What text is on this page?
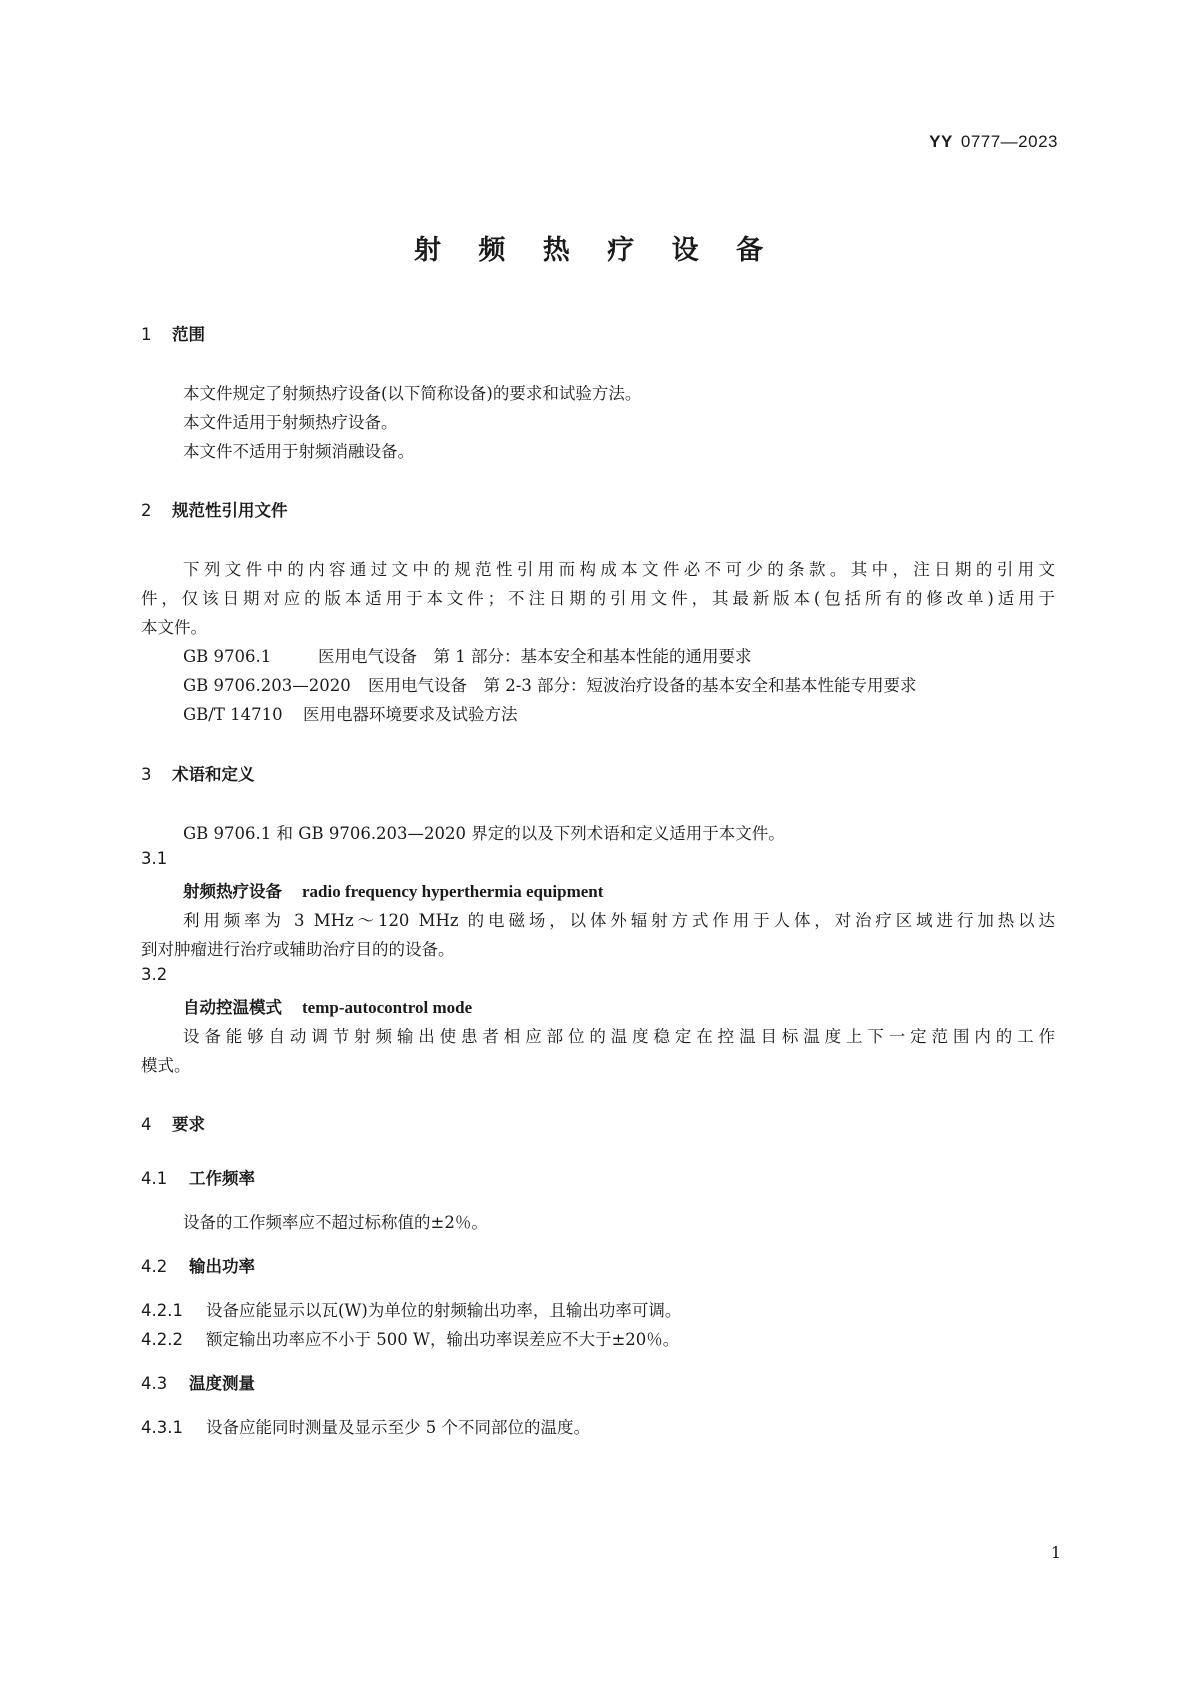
YY 0777—2023
射 频 热 疗 设 备
1 范围
本文件规定了射频热疗设备(以下简称设备)的要求和试验方法。
本文件适用于射频热疗设备。
本文件不适用于射频消融设备。
2 规范性引用文件
下列文件中的内容通过文中的规范性引用而构成本文件必不可少的条款。其中，注日期的引用文
件，仅该日期对应的版本适用于本文件；不注日期的引用文件，其最新版本(包括所有的修改单)适用于
本文件。
GB 9706.1	医用电气设备　第 1 部分：基本安全和基本性能的通用要求
GB 9706.203—2020 医用电气设备　第 2-3 部分：短波治疗设备的基本安全和基本性能专用要求
GB/T 14710 医用电器环境要求及试验方法
3 术语和定义
GB 9706.1 和 GB 9706.203—2020 界定的以及下列术语和定义适用于本文件。
3.1
射频热疗设备 radio frequency hyperthermia equipment
利用频率为 3 MHz～120 MHz 的电磁场，以体外辐射方式作用于人体，对治疗区域进行加热以达
到对肿瘤进行治疗或辅助治疗目的的设备。
3.2
自动控温模式 temp-autocontrol mode
设备能够自动调节射频输出使患者相应部位的温度稳定在控温目标温度上下一定范围内的工作
模式。
4 要求
4.1 工作频率
设备的工作频率应不超过标称值的±2％。
4.2 输出功率
4.2.1 设备应能显示以瓦(W)为单位的射频输出功率，且输出功率可调。
4.2.2 额定输出功率应不小于 500 W，输出功率误差应不大于±20％。
4.3 温度测量
4.3.1 设备应能同时测量及显示至少 5 个不同部位的温度。
1
